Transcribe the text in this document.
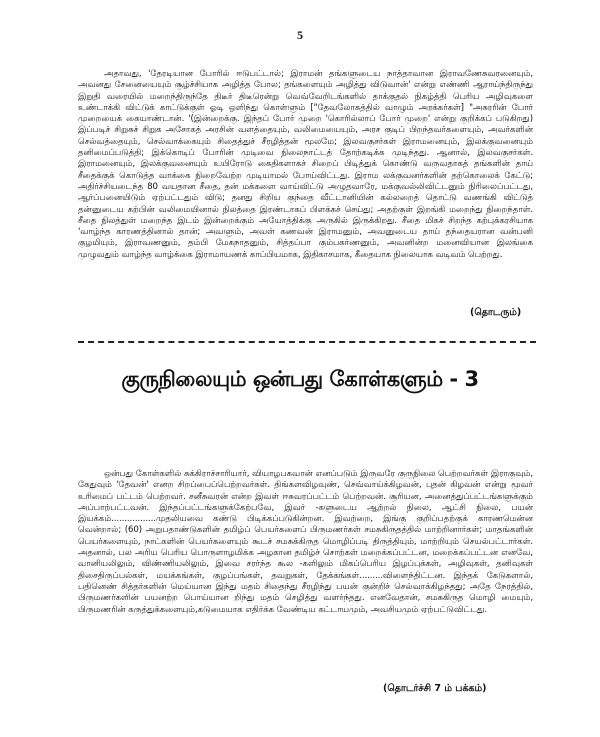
5

அதாவது, 'தேரடியான போரில் ஈடுபட்டால்; இராமன் தங்களுடைய நாத்தாவான இராவணேசுவரனையும், அவனது சேனையையும் சூழ்ச்சியாக அழித்த போல; தங்களையும் அழித்து விடுவான்' என்று எண்ணி ஆராய்ந்திருந்து இறுதி வரையில் மறைந்திருந்தே திடீர் திடீரென்று வெவ்வேறிடங்களில் தாக்குதல் நிகழ்த்தி பெரிய அழிவுகளை உண்டாக்கி விட்டுக் காட்டுக்குள் ஓடி ஒளிந்து கொள்ளும் ["தேவலோகத்தில் வாழும் அரக்கர்கள்] "அசுரரின் போர் முறையைக் கையாண்டான். '(இன்றைக்கு. இந்தப் போர் முறை 'கொரில்லாப் போர் முறை' என்று குறிக்கப் படுகிறது) இப்படிச் சிறுசுச் சிறுக அசோகத் அரசின் வளத்தையும், வலிமையையும், அரச குடிப் பிறந்தவர்களையும், அவர்களின் செல்வத்தையும், செல்வாக்கையும் சிதைத்துச் சீரழித்தன் மூலமே; இலவகுசர்கள் இராமனையும், இலக்குவனையும் தனிமைப்படுத்தி; இக்கொடிப் போரின் முடிவை நிலைநாட்டத் தோற்கடிக்க முடிந்தது. ஆனால், இலவகுசர்கள். இராமனையும், இலக்குவனையும் உயிரோடு கைதிகளாகச் சிறைப் பிடித்துக் கொண்டு வருவதாகத் தங்களின் தாய் சீதைக்குக் கொடுத்த வாக்கை நிறைவேற்ற முடியாமல் போய்விட்டது. இராம லக்குவனர்களின் தற்கொலைக் கேட்டு; அதிர்ச்சியடைந்த 80 வயதான சீதை, தன் மக்களை வாய்விட்டு அழுதவாரே, மக்குவல்லிவிட்டனும் நிரிலைப்பட்டது, ஆர்ப்பனையிடும் ஏற்பட்டதும் விடு; தனது சிறிய குந்தை வீட்டானியின் கல்லறைத் தொட்டு வணங்கி விட்டுத் தன்னுடைய கற்பின் வலிமையினால் நிலத்தை இரண்டாகப் பிளக்கச் செய்து; அதற்குள் இறங்கி மறைந்து நிறைந்தாள். சீதை நிலத்துள் மறைந்த இடம் இன்றைக்கும் அயோத்திக்கு அருகில் இருக்கிறது. சீதை மிகச் சிறந்த கற்புக்கரசியாக 'வாழ்ந்த காரணத்தினால் தான்; அவளும், அவள் கணவன் இராமனும், அவனுடைய தாய் தந்தையரான வன்பனி குழமியும், இராவணனும், தம்பி மேகநாதனும், சித்தப்பா கும்பகர்ணனும், அவனின்ற மனைவியான இலங்கை முழுவதும் வாழ்ந்த வாழ்க்கை இராமாயணக் காப்பியமாக, இதிகாசமாக, கீதையாக நிலையாக வடிவம் பெற்றது.

(தொடரும்)
குருநிலையும் ஒன்பது கோள்களும் - 3

ஒன்பது கோள்களில் சுக்கிராச்சாரியார், வியாழபகவான் எனப்படும் இருவரே குருநிலை பெற்றவர்கள் இராகுவும், கேதுவும் 'தேவன்' எனற சிறப்பைப்பெற்றவர்கள். திங்களவிழவுண், செவ்வாய்க்கிழவன், புதன் கிழவன் என்று மூவர் உரிமைப் பட்டம் பெற்றவர். சனீசுவரன் என்ற இவள் ஈசுவரப்பட்டம் பெற்றவன். சூரியன, அனைத்துப்பட்டங்களுக்கும் அப்பாற்பட்டவன். இந்தப்பட்டங்களுக்கேற்பவே, இவர் -களுடைய ஆற்றல் நிலை, ஆட்சி நிலை, பயன் இயக்கம்.................முதலியவை கண்டு பிடிக்கப்படுகின்றன. இவற்றை, இங்கு குறிப்பதற்குக் காரணமென்ன வென்றால்; (60) அறுபதாண்டுகளின் தமிழ்ப் பெயர்களைப் பிருமணர்கள் சமசுகிருதத்தில் மாற்றினார்கள்; மாதங்களின் பெயர்களையும், நாட்களின் பெயர்களையும் கூடச் சமசுக்கிருத மொழிப்படி திருத்தியும், மாற்றியும் செயல்பட்டார்கள். அதனால், பல அரிய பெரிய பொருளாழமிக்க அழகான தமிழ்ச் சொற்கள் மறைக்கப்பட்டன, மறைக்கப்பட்டன எனவே, வானியலிலும், விண்ணியலிலும், இவை சரர்ந்த கூல -களிலும் மிகப்பெரிய இழப்புக்கள், அழிவுகள், தனிவுகள் திசைதிருப்பல்கள், மயக்கங்கள், குழப்பங்கள், தவறுகள், தேக்கங்கள்.........விளைந்திட்டன. இந்தக் கேடுகளால், பதினெண் சித்தர்களின் மெய்யான இந்து மதம் சிதைந்து சீரழிந்து பயன் குன்றிச் செல்வாக்கிழந்தது; அதே நேரத்தில், பிருமணர்களின் பயனற்ற பொய்யான றிந்து மதம் செழித்து வளர்ந்தது. எனவேதான், சமசுகிருத மொழி மையும், பிருமணரின் கருத்துக்களையும்,கடுமையாக எதிர்க்க வேண்டிய கட்டாயமும், அவசியமும் ஏற்பட்டுவிட்டது.

(தொடர்ச்சி 7 ம் பக்கம்)
